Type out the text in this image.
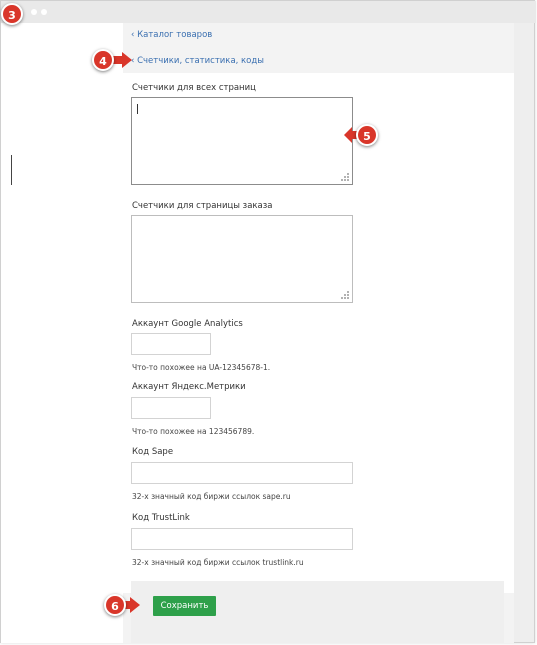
‹ Каталог товаров
‹ Счетчики, статистика, коды
Счетчики для всех страниц
Счетчики для страницы заказа
Аккаунт Google Analytics
Что-то похожее на UA-12345678-1.
Аккаунт Яндекс.Метрики
Что-то похожее на 123456789.
Код Sape
32-х значный код биржи ссылок sape.ru
Код TrustLink
32-х значный код биржи ссылок trustlink.ru
Сохранить
3
4
5
6
